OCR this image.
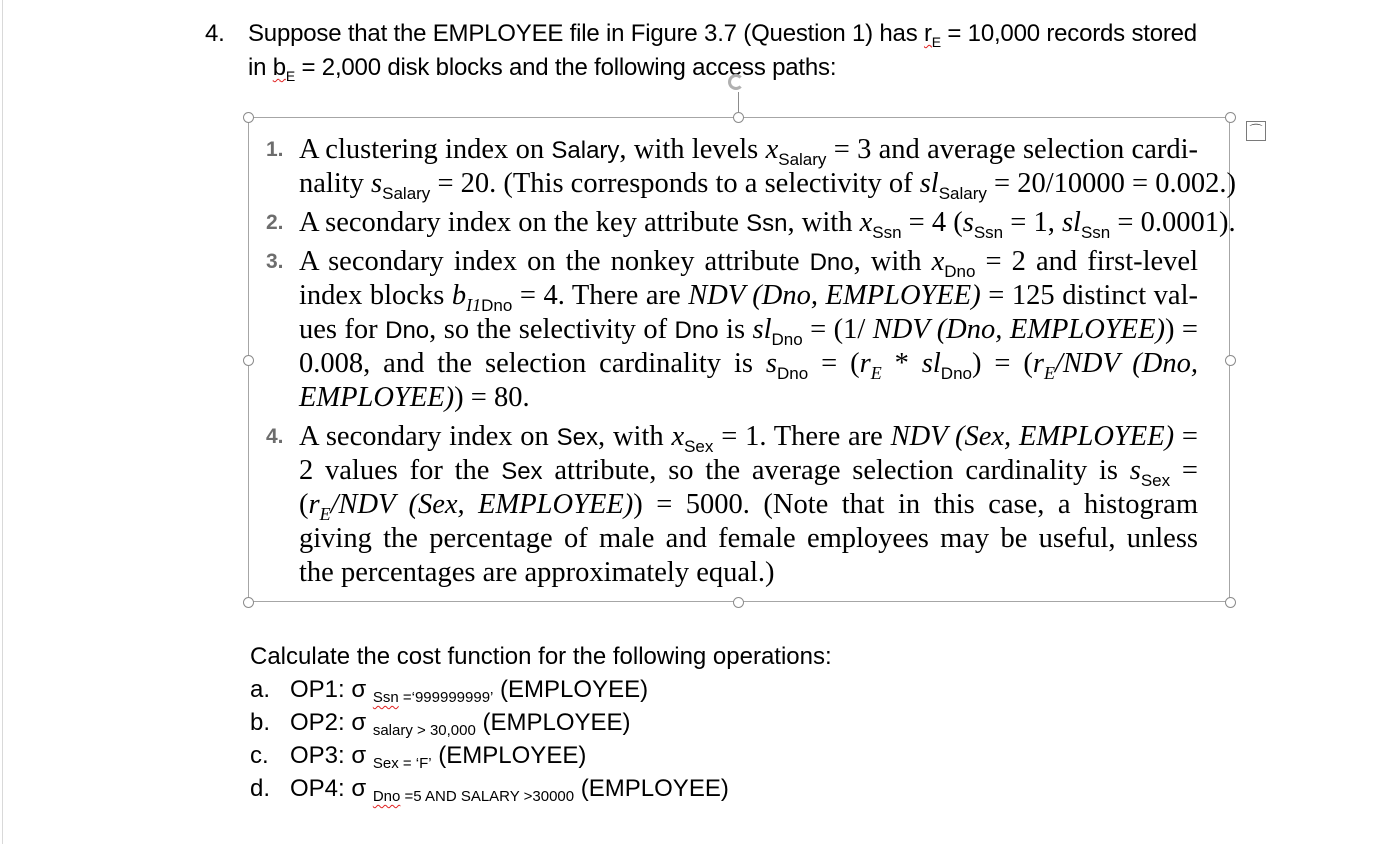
4. Suppose that the EMPLOYEE file in Figure 3.7 (Question 1) has $r_E = 10,000$ records stored
in $b_E = 2,000$ disk blocks and the following access paths:
⌒
1. A clustering index on Salary, with levels $x_{Salary} = 3$ and average selection cardi-
nality $s_{Salary} = 20$. (This corresponds to a selectivity of $sl_{Salary} = 20/10000 = 0.002$.)
2. A secondary index on the key attribute Ssn, with $x_{Ssn} = 4$ ($s_{Ssn} = 1$, $sl_{Ssn} = 0.0001$).
3. A secondary index on the nonkey attribute Dno, with $x_{Dno} = 2$ and first-level
index blocks $b_{I1Dno} = 4$. There are NDV (Dno, EMPLOYEE) = 125 distinct val-
ues for Dno, so the selectivity of Dno is $sl_{Dno} = (1/$ NDV (Dno, EMPLOYEE)) =
0.008, and the selection cardinality is $s_{Dno} = (r_E * sl_{Dno}) = (r_E/NDV$ (Dno,
EMPLOYEE)) = 80.
4. A secondary index on Sex, with $x_{Sex} = 1$. There are NDV (Sex, EMPLOYEE) =
2 values for the Sex attribute, so the average selection cardinality is $s_{Sex}$ =
($r_E$/NDV (Sex, EMPLOYEE)) = 5000. (Note that in this case, a histogram
giving the percentage of male and female employees may be useful, unless
the percentages are approximately equal.)
Calculate the cost function for the following operations:
a. OP1: σ $_{Ssn =‘999999999’}$ (EMPLOYEE)
b. OP2: σ $_{salary > 30,000}$ (EMPLOYEE)
c. OP3: σ $_{Sex = ‘F’}$ (EMPLOYEE)
d. OP4: σ $_{Dno =5 AND SALARY >30000}$ (EMPLOYEE)
